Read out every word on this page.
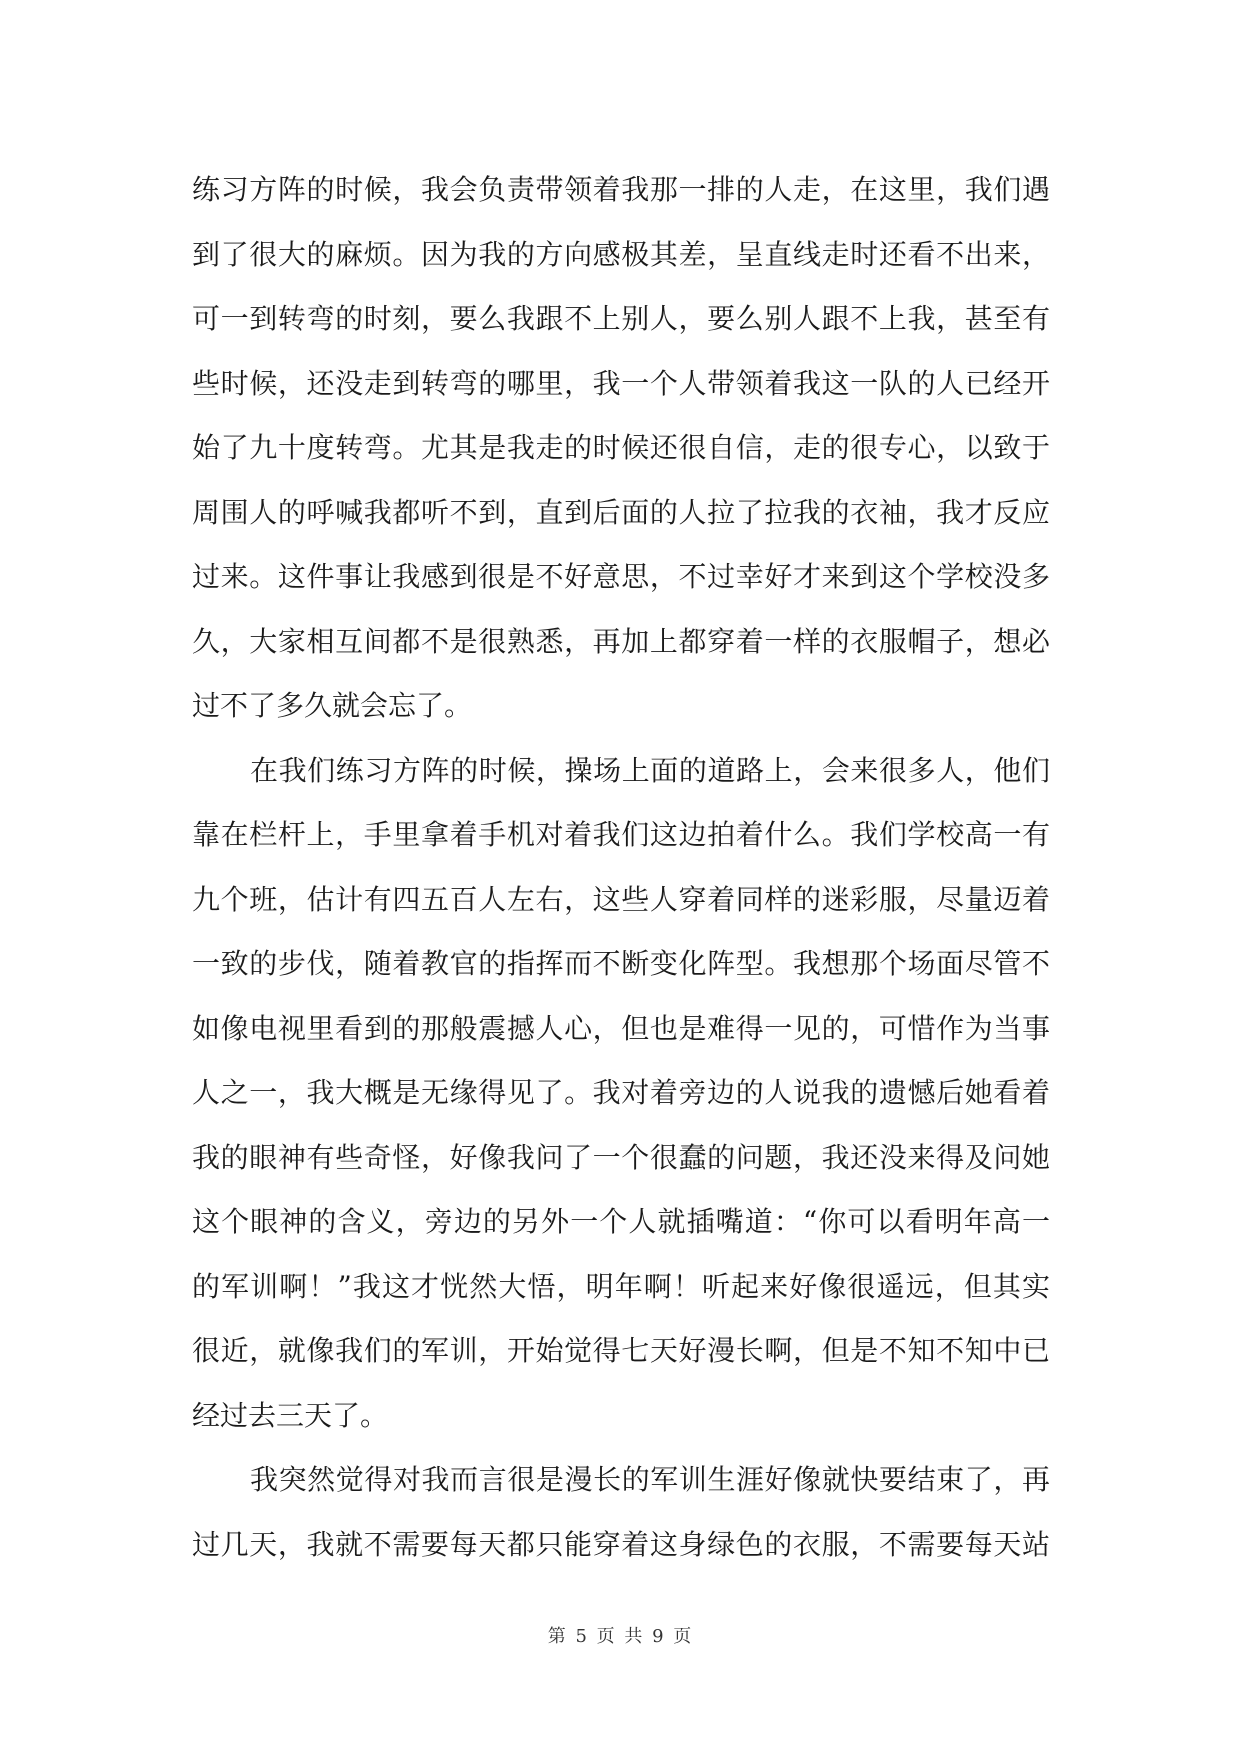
练习方阵的时候，我会负责带领着我那一排的人走，在这里，我们遇
到了很大的麻烦。因为我的方向感极其差，呈直线走时还看不出来，
可一到转弯的时刻，要么我跟不上别人，要么别人跟不上我，甚至有
些时候，还没走到转弯的哪里，我一个人带领着我这一队的人已经开
始了九十度转弯。尤其是我走的时候还很自信，走的很专心，以致于
周围人的呼喊我都听不到，直到后面的人拉了拉我的衣袖，我才反应
过来。这件事让我感到很是不好意思，不过幸好才来到这个学校没多
久，大家相互间都不是很熟悉，再加上都穿着一样的衣服帽子，想必
过不了多久就会忘了。
在我们练习方阵的时候，操场上面的道路上，会来很多人，他们
靠在栏杆上，手里拿着手机对着我们这边拍着什么。我们学校高一有
九个班，估计有四五百人左右，这些人穿着同样的迷彩服，尽量迈着
一致的步伐，随着教官的指挥而不断变化阵型。我想那个场面尽管不
如像电视里看到的那般震撼人心，但也是难得一见的，可惜作为当事
人之一，我大概是无缘得见了。我对着旁边的人说我的遗憾后她看着
我的眼神有些奇怪，好像我问了一个很蠢的问题，我还没来得及问她
这个眼神的含义，旁边的另外一个人就插嘴道：“你可以看明年高一
的军训啊！”我这才恍然大悟，明年啊！听起来好像很遥远，但其实
很近，就像我们的军训，开始觉得七天好漫长啊，但是不知不知中已
经过去三天了。
我突然觉得对我而言很是漫长的军训生涯好像就快要结束了，再
过几天，我就不需要每天都只能穿着这身绿色的衣服，不需要每天站
第 5 页 共 9 页
